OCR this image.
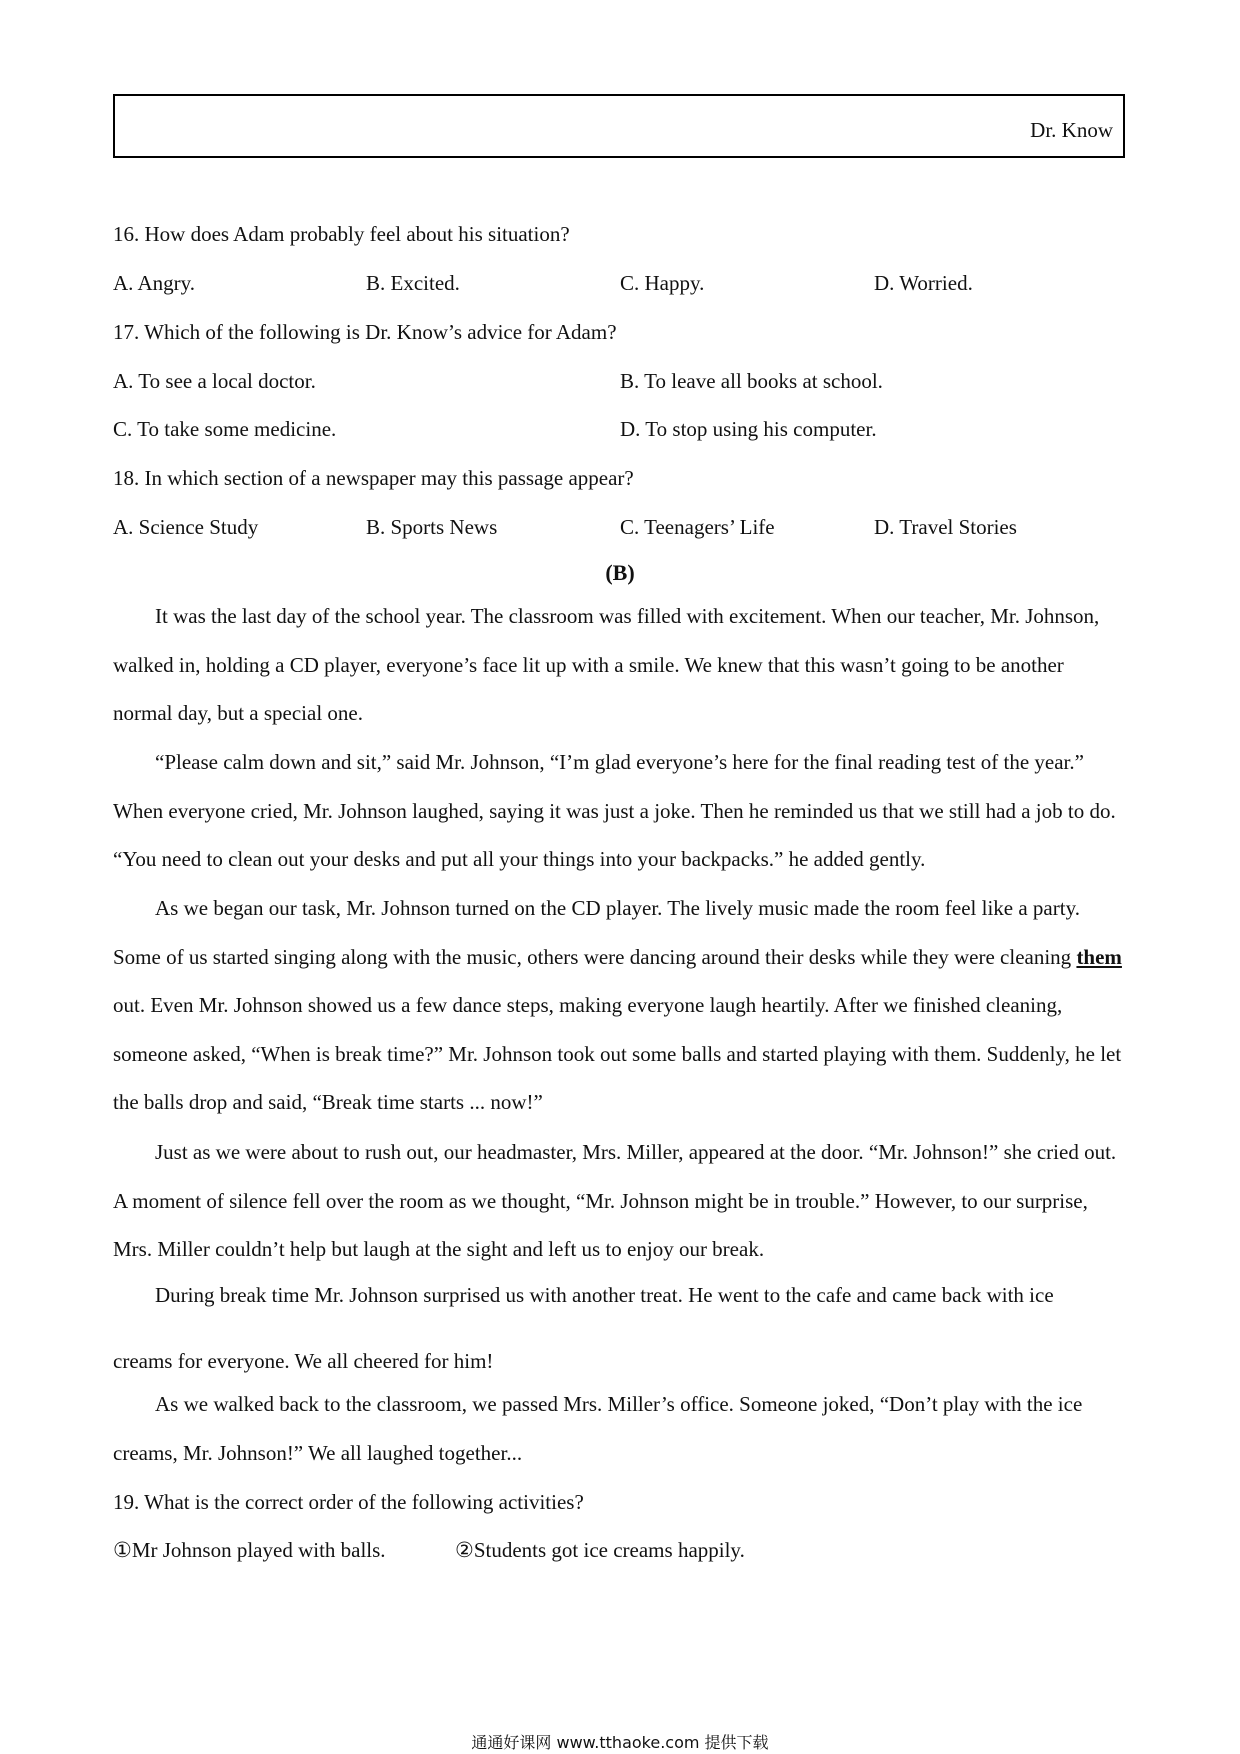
Dr. Know
16. How does Adam probably feel about his situation?
A. Angry.	B. Excited.	C. Happy.	D. Worried.
17. Which of the following is Dr. Know’s advice for Adam?
A. To see a local doctor.	B. To leave all books at school.
C. To take some medicine.	D. To stop using his computer.
18. In which section of a newspaper may this passage appear?
A. Science Study	B. Sports News	C. Teenagers’ Life	D. Travel Stories
(B)

It was the last day of the school year. The classroom was filled with excitement. When our teacher, Mr. Johnson, walked in, holding a CD player, everyone’s face lit up with a smile. We knew that this wasn’t going to be another normal day, but a special one.

“Please calm down and sit,” said Mr. Johnson, “I’m glad everyone’s here for the final reading test of the year.” When everyone cried, Mr. Johnson laughed, saying it was just a joke. Then he reminded us that we still had a job to do. “You need to clean out your desks and put all your things into your backpacks.” he added gently.

As we began our task, Mr. Johnson turned on the CD player. The lively music made the room feel like a party. Some of us started singing along with the music, others were dancing around their desks while they were cleaning them out. Even Mr. Johnson showed us a few dance steps, making everyone laugh heartily. After we finished cleaning, someone asked, “When is break time?” Mr. Johnson took out some balls and started playing with them. Suddenly, he let the balls drop and said, “Break time starts ... now!”

Just as we were about to rush out, our headmaster, Mrs. Miller, appeared at the door. “Mr. Johnson!” she cried out. A moment of silence fell over the room as we thought, “Mr. Johnson might be in trouble.” However, to our surprise, Mrs. Miller couldn’t help but laugh at the sight and left us to enjoy our break.

During break time Mr. Johnson surprised us with another treat. He went to the cafe and came back with ice
creams for everyone. We all cheered for him!

As we walked back to the classroom, we passed Mrs. Miller’s office. Someone joked, “Don’t play with the ice creams, Mr. Johnson!” We all laughed together...

19. What is the correct order of the following activities?
①Mr Johnson played with balls.	②Students got ice creams happily.
通通好课网 www.tthaoke.com 提供下载
